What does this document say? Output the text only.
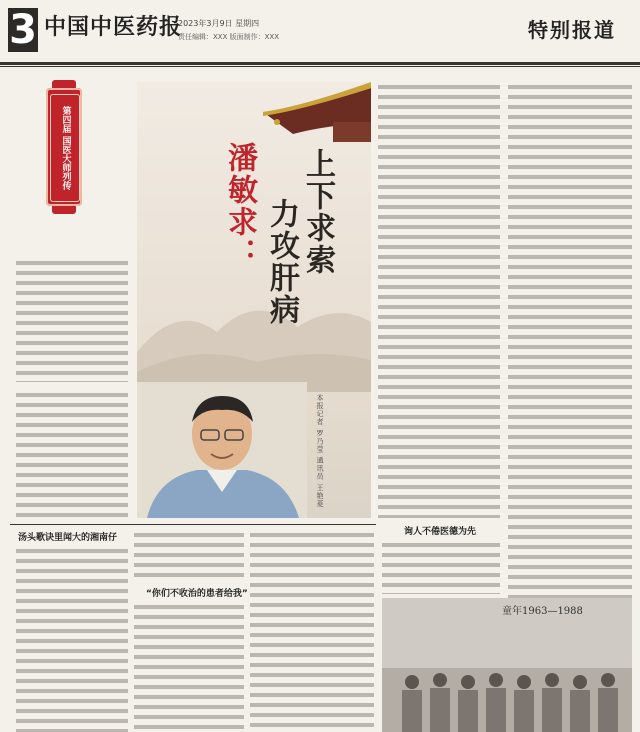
3 中国中医药报
2023年3月9日 星期四
责任编辑：XXX 版面制作：XXX	特别报道
第四届 国医大师列传
上下求索
力攻肝病
潘敏求：
本报记者 罗乃莹 通讯员 王艳菱
汤头歌诀里闻大的湘南仔
“你们不收治的患者给我”
询人不倦医德为先
童年1963—1988
